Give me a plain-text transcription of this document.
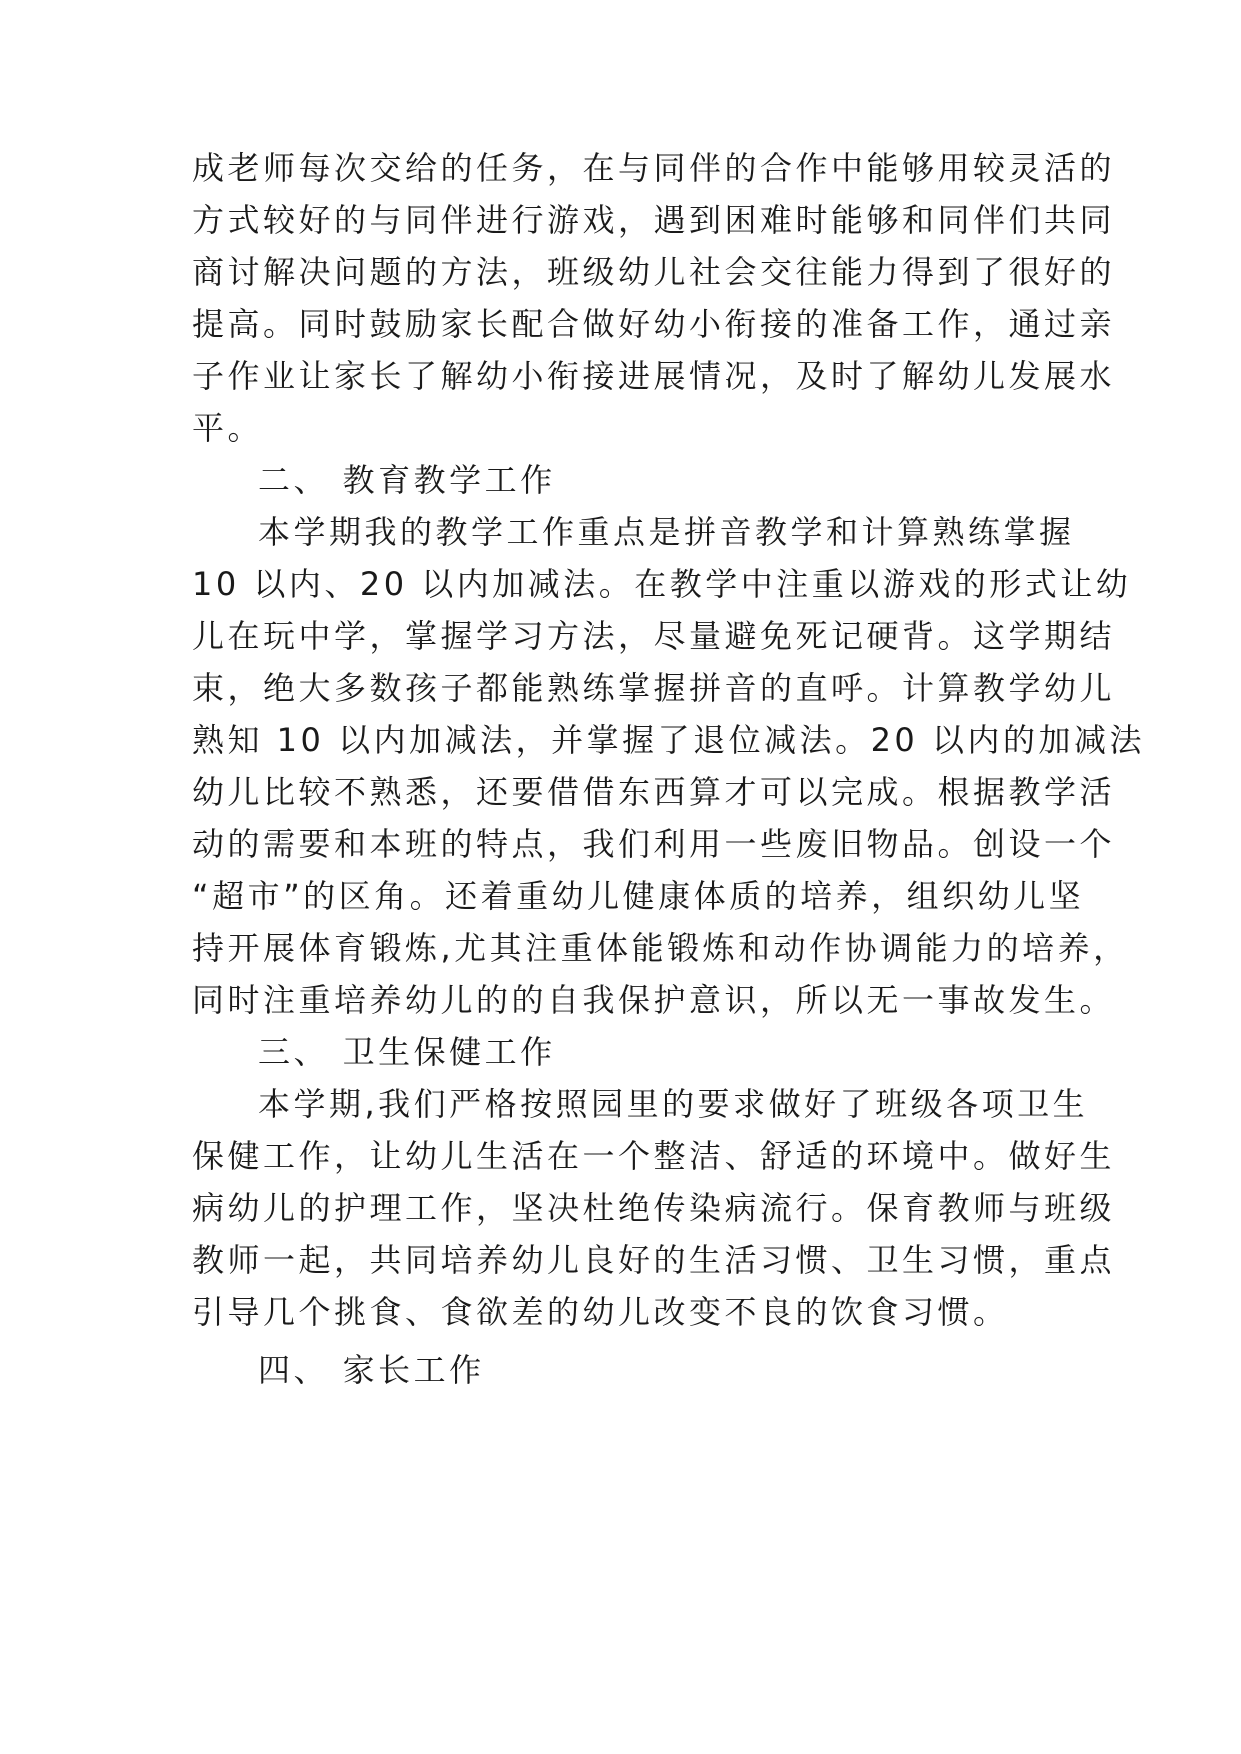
成老师每次交给的任务，在与同伴的合作中能够用较灵活的
方式较好的与同伴进行游戏，遇到困难时能够和同伴们共同
商讨解决问题的方法，班级幼儿社会交往能力得到了很好的
提高。同时鼓励家长配合做好幼小衔接的准备工作，通过亲
子作业让家长了解幼小衔接进展情况，及时了解幼儿发展水
平。
二、 教育教学工作
本学期我的教学工作重点是拼音教学和计算熟练掌握
10 以内、20 以内加减法。在教学中注重以游戏的形式让幼
儿在玩中学，掌握学习方法，尽量避免死记硬背。这学期结
束，绝大多数孩子都能熟练掌握拼音的直呼。计算教学幼儿
熟知 10 以内加减法，并掌握了退位减法。20 以内的加减法
幼儿比较不熟悉，还要借借东西算才可以完成。根据教学活
动的需要和本班的特点，我们利用一些废旧物品。创设一个
“超市”的区角。还着重幼儿健康体质的培养，组织幼儿坚
持开展体育锻炼,尤其注重体能锻炼和动作协调能力的培养，
同时注重培养幼儿的的自我保护意识，所以无一事故发生。
三、 卫生保健工作
本学期,我们严格按照园里的要求做好了班级各项卫生
保健工作，让幼儿生活在一个整洁、舒适的环境中。做好生
病幼儿的护理工作，坚决杜绝传染病流行。保育教师与班级
教师一起，共同培养幼儿良好的生活习惯、卫生习惯，重点
引导几个挑食、食欲差的幼儿改变不良的饮食习惯。
四、 家长工作
